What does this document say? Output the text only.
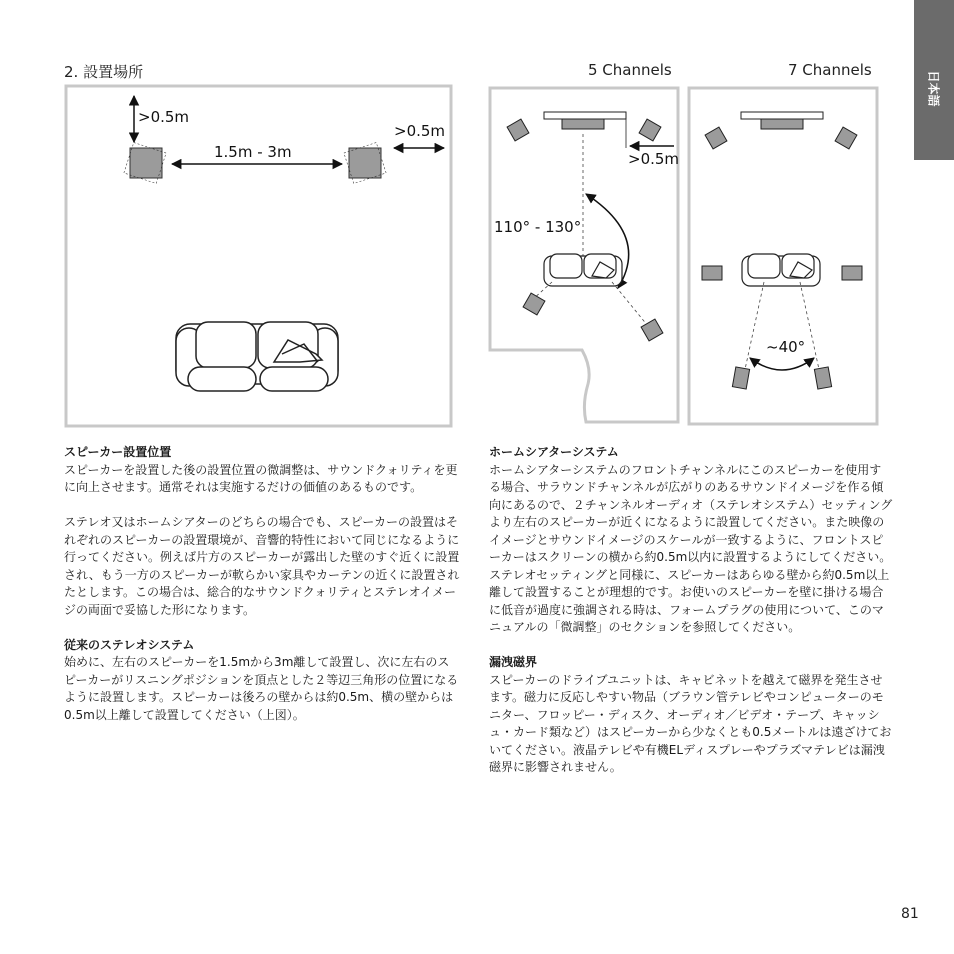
2. 設置場所	5 Channels	7 Channels
日本語
>0.5m
1.5m - 3m
>0.5m
>0.5m
110° - 130°
~40°
スピーカー設置位置

スピーカーを設置した後の設置位置の微調整は、サウンドクォリティを更に向上させます。通常それは実施するだけの価値のあるものです。

ステレオ又はホームシアターのどちらの場合でも、スピーカーの設置はそれぞれのスピーカーの設置環境が、音響的特性において同じになるように行ってください。例えば片方のスピーカーが露出した壁のすぐ近くに設置され、もう一方のスピーカーが軟らかい家具やカーテンの近くに設置されたとします。この場合は、総合的なサウンドクォリティとステレオイメージの両面で妥協した形になります。

従来のステレオシステム

始めに、左右のスピーカーを1.5mから3m離して設置し、次に左右のスピーカーがリスニングポジションを頂点とした２等辺三角形の位置になるように設置します。スピーカーは後ろの壁からは約0.5m、横の壁からは0.5m以上離して設置してください（上図）。

ホームシアターシステム

ホームシアターシステムのフロントチャンネルにこのスピーカーを使用する場合、サラウンドチャンネルが広がりのあるサウンドイメージを作る傾向にあるので、２チャンネルオーディオ（ステレオシステム）セッティングより左右のスピーカーが近くになるように設置してください。また映像のイメージとサウンドイメージのスケールが一致するように、フロントスピーカーはスクリーンの横から約0.5m以内に設置するようにしてください。ステレオセッティングと同様に、スピーカーはあらゆる壁から約0.5m以上離して設置することが理想的です。お使いのスピーカーを壁に掛ける場合に低音が過度に強調される時は、フォームプラグの使用について、このマニュアルの「微調整」のセクションを参照してください。

漏洩磁界

スピーカーのドライブユニットは、キャビネットを越えて磁界を発生させます。磁力に反応しやすい物品（ブラウン管テレビやコンピューターのモニター、フロッピー・ディスク、オーディオ／ビデオ・テープ、キャッシュ・カード類など）はスピーカーから少なくとも0.5メートルは遠ざけておいてください。液晶テレビや有機ELディスプレーやプラズマテレビは漏洩磁界に影響されません。

81
